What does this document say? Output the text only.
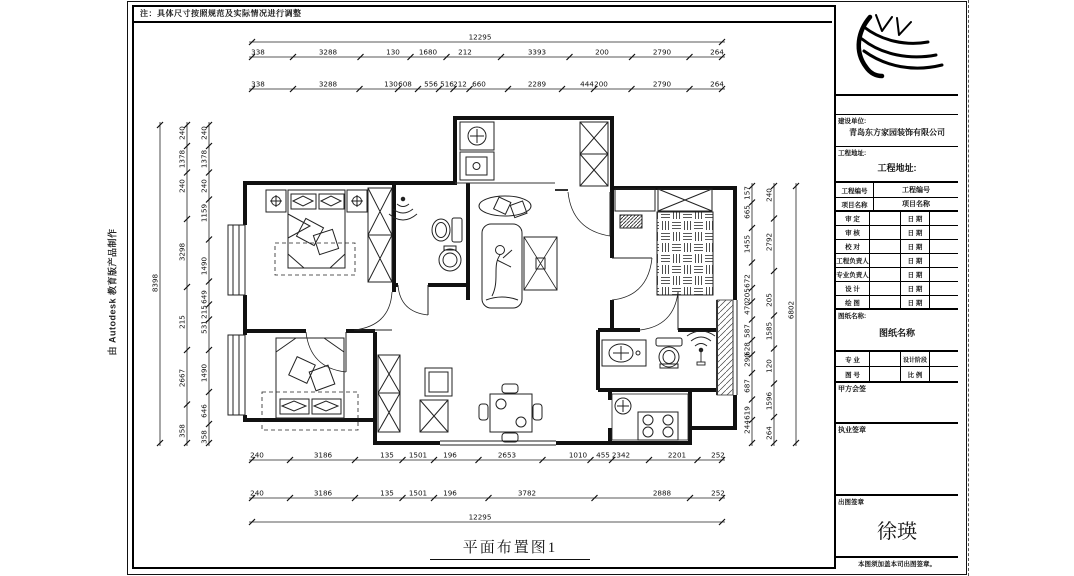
12295
338	3288	130	1680	212	3393	200	2790	264
338	3288	130 608 556 516 212 660	2289	444 200	2790	264
240	3186	135 1501 196	2653	1010 455 2342	2201	252
240	3186	135 1501 196	3782	2888	252
12295
8398
240
1378
240
3298
215
2667
358
240
1378
240
1159
1490
649
215
531
1490
646
358
157
665
1455
672
205
470
587
628
290
687
619
244
240
2792
205
1585
120
1596
264
6802
注：具体尺寸按照规范及实际情况进行调整
由 Autodesk 教育版产品制作
平面布置图1
建设单位:
青岛东方家园装饰有限公司
工程地址:
工程地址:
工程编号	工程编号
项目名称	项目名称
审 定	日 期
审 核	日 期
校 对	日 期
工程负责人	日 期
专业负责人	日 期
设 计	日 期
绘 图	日 期
图纸名称:
图纸名称
专 业	设计阶段
图 号	比 例
甲方会签
执业签章
出图签章
徐瑛
本图须加盖本司出图签章。
